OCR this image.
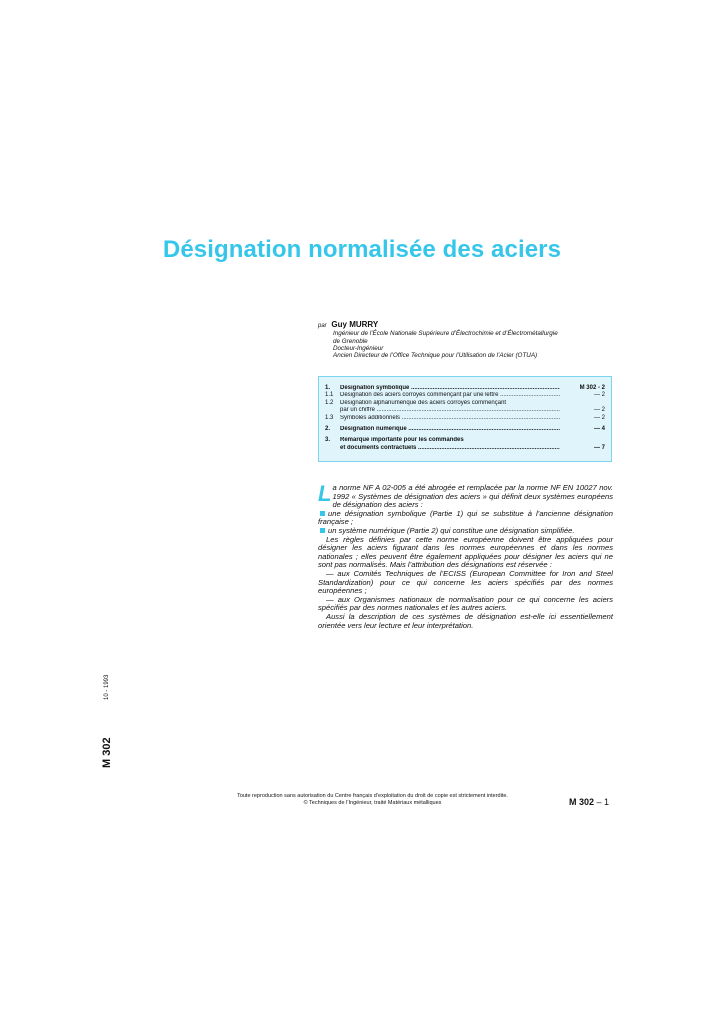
Désignation normalisée des aciers
par Guy MURRY
Ingénieur de l’École Nationale Supérieure d’Électrochimie et d’Électrométallurgie
de Grenoble
Docteur-Ingénieur
Ancien Directeur de l’Office Technique pour l’Utilisation de l’Acier (OTUA)
1. Désignation symbolique .....	M 302 - 2
1.1 Désignation des aciers corroyés commençant par une lettre .....	— 2
1.2 Désignation alphanumérique des aciers corroyés commençant
par un chiffre .....	— 2
1.3 Symboles additionnels .....	— 2
2. Désignation numérique .....	— 4
3. Remarque importante pour les commandes
et documents contractuels .....	— 7

La norme NF A 02-005 a été abrogée et remplacée par la norme NF EN 10027 nov. 1992 « Systèmes de désignation des aciers » qui définit deux systèmes européens de désignation des aciers :

une désignation symbolique (Partie 1) qui se substitue à l’ancienne désignation française ;

un système numérique (Partie 2) qui constitue une désignation simplifiée.

Les règles définies par cette norme européenne doivent être appliquées pour désigner les aciers figurant dans les normes européennes et dans les normes nationales ; elles peuvent être également appliquées pour désigner les aciers qui ne sont pas normalisés. Mais l’attribution des désignations est réservée :

— aux Comités Techniques de l’ECISS (European Committee for Iron and Steel Standardization) pour ce qui concerne les aciers spécifiés par des normes européennes ;

— aux Organismes nationaux de normalisation pour ce qui concerne les aciers spécifiés par des normes nationales et les autres aciers.

Aussi la description de ces systèmes de désignation est-elle ici essentiellement orientée vers leur lecture et leur interprétation.

M 302
10 - 1993
Toute reproduction sans autorisation du Centre français d’exploitation du droit de copie est strictement interdite.
© Techniques de l’Ingénieur, traité Matériaux métalliques	M 302 – 1
